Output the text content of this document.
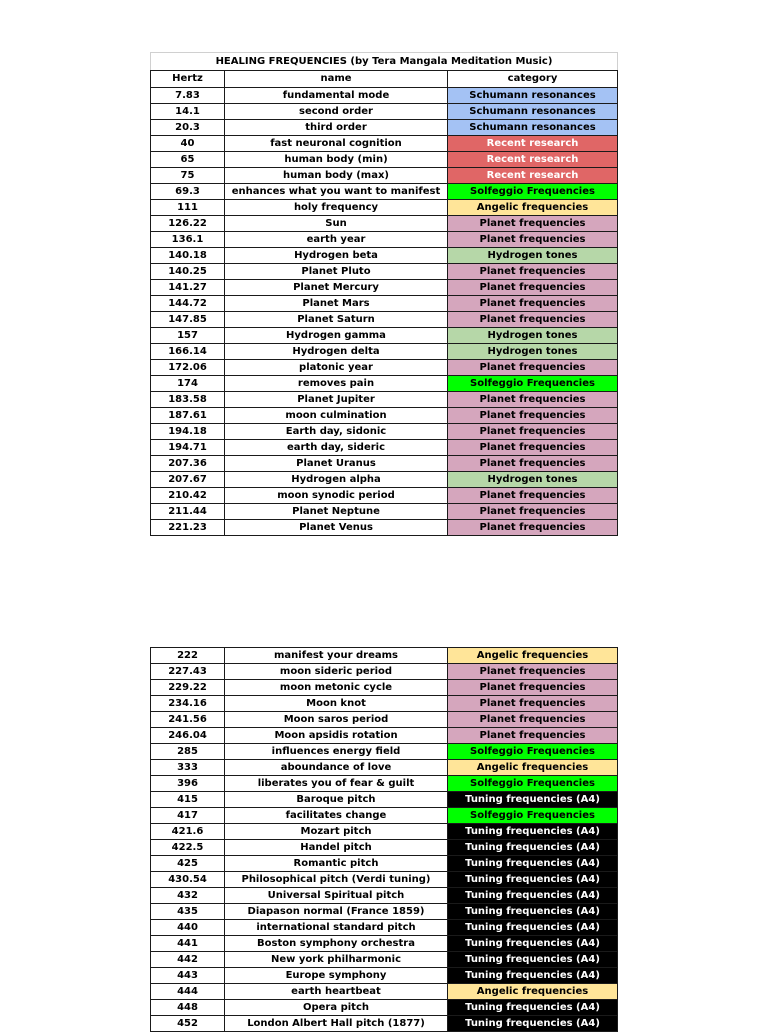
HEALING FREQUENCIES (by Tera Mangala Meditation Music)		
Hertz	name	category
7.83	fundamental mode	Schumann resonances
14.1	second order	Schumann resonances
20.3	third order	Schumann resonances
40	fast neuronal cognition	Recent research
65	human body (min)	Recent research
75	human body (max)	Recent research
69.3	enhances what you want to manifest	Solfeggio Frequencies
111	holy frequency	Angelic frequencies
126.22	Sun	Planet frequencies
136.1	earth year	Planet frequencies
140.18	Hydrogen beta	Hydrogen tones
140.25	Planet Pluto	Planet frequencies
141.27	Planet Mercury	Planet frequencies
144.72	Planet Mars	Planet frequencies
147.85	Planet Saturn	Planet frequencies
157	Hydrogen gamma	Hydrogen tones
166.14	Hydrogen delta	Hydrogen tones
172.06	platonic year	Planet frequencies
174	removes pain	Solfeggio Frequencies
183.58	Planet Jupiter	Planet frequencies
187.61	moon culmination	Planet frequencies
194.18	Earth day, sidonic	Planet frequencies
194.71	earth day, sideric	Planet frequencies
207.36	Planet Uranus	Planet frequencies
207.67	Hydrogen alpha	Hydrogen tones
210.42	moon synodic period	Planet frequencies
211.44	Planet Neptune	Planet frequencies
221.23	Planet Venus	Planet frequencies
222	manifest your dreams	Angelic frequencies
227.43	moon sideric period	Planet frequencies
229.22	moon metonic cycle	Planet frequencies
234.16	Moon knot	Planet frequencies
241.56	Moon saros period	Planet frequencies
246.04	Moon apsidis rotation	Planet frequencies
285	influences energy field	Solfeggio Frequencies
333	aboundance of love	Angelic frequencies
396	liberates you of fear & guilt	Solfeggio Frequencies
415	Baroque pitch	Tuning frequencies (A4)
417	facilitates change	Solfeggio Frequencies
421.6	Mozart pitch	Tuning frequencies (A4)
422.5	Handel pitch	Tuning frequencies (A4)
425	Romantic pitch	Tuning frequencies (A4)
430.54	Philosophical pitch (Verdi tuning)	Tuning frequencies (A4)
432	Universal Spiritual pitch	Tuning frequencies (A4)
435	Diapason normal (France 1859)	Tuning frequencies (A4)
440	international standard pitch	Tuning frequencies (A4)
441	Boston symphony orchestra	Tuning frequencies (A4)
442	New york philharmonic	Tuning frequencies (A4)
443	Europe symphony	Tuning frequencies (A4)
444	earth heartbeat	Angelic frequencies
448	Opera pitch	Tuning frequencies (A4)
452	London Albert Hall pitch (1877)	Tuning frequencies (A4)
